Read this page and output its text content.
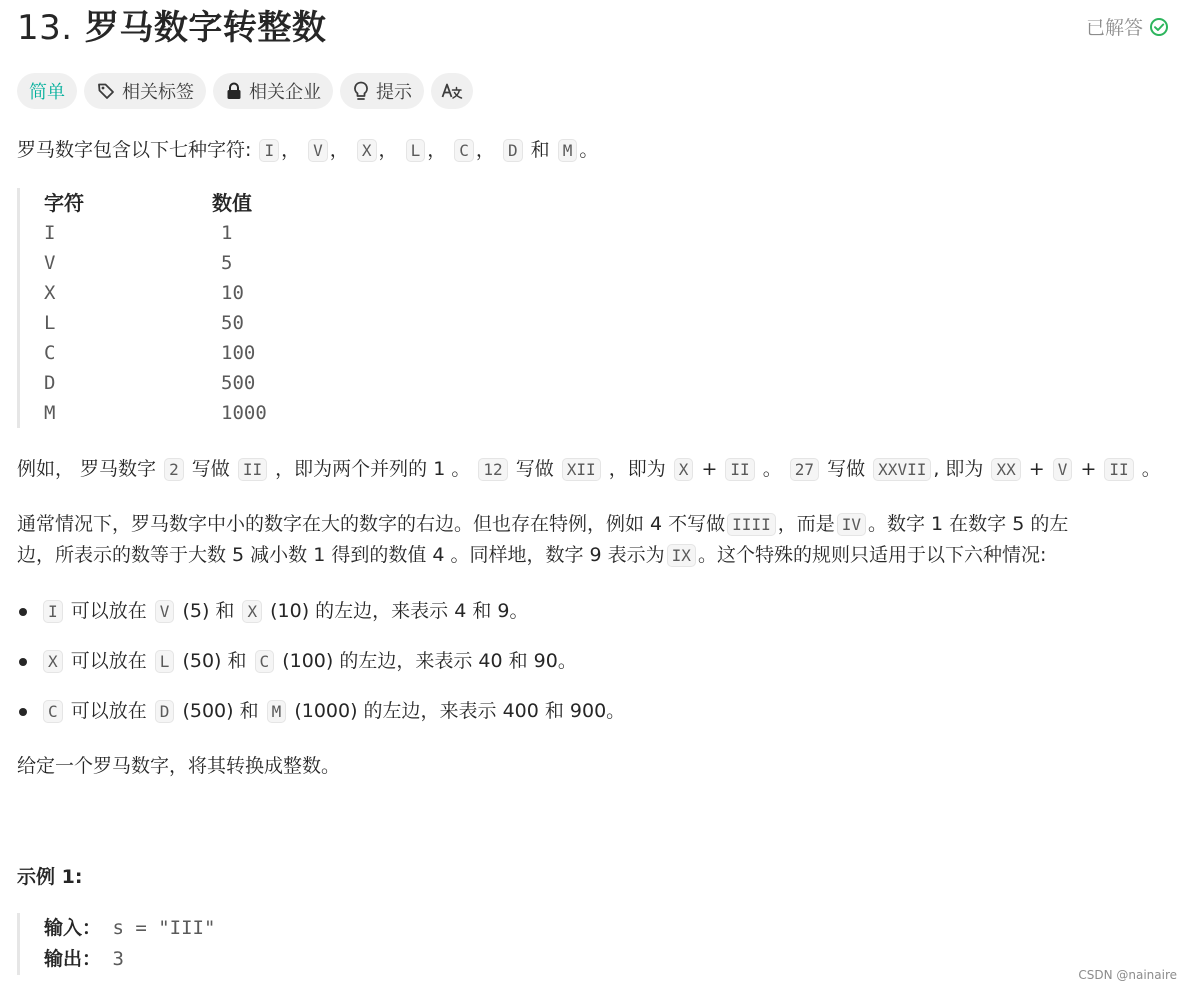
13. 罗马数字转整数	已解答
简单	相关标签	相关企业	提示
罗马数字包含以下七种字符: I ， V ， X ， L ， C ， D 和 M 。
字符	数值
I	1
V	5
X	10
L	50
C	100
D	500
M	1000
例如， 罗马数字 2 写做 II ，即为两个并列的 1 。 12 写做 XII ，即为 X + II 。 27 写做 XXVII , 即为 XX + V + II 。
通常情况下，罗马数字中小的数字在大的数字的右边。但也存在特例，例如 4 不写做 IIII ，而是 IV 。数字 1 在数字 5 的左
边，所表示的数等于大数 5 减小数 1 得到的数值 4 。同样地，数字 9 表示为 IX 。这个特殊的规则只适用于以下六种情况:
I 可以放在 V (5) 和 X (10) 的左边，来表示 4 和 9。
X 可以放在 L (50) 和 C (100) 的左边，来表示 40 和 90。
C 可以放在 D (500) 和 M (1000) 的左边，来表示 400 和 900。
给定一个罗马数字，将其转换成整数。
示例 1:
输入： s = "III"
输出： 3
CSDN @nainaire
